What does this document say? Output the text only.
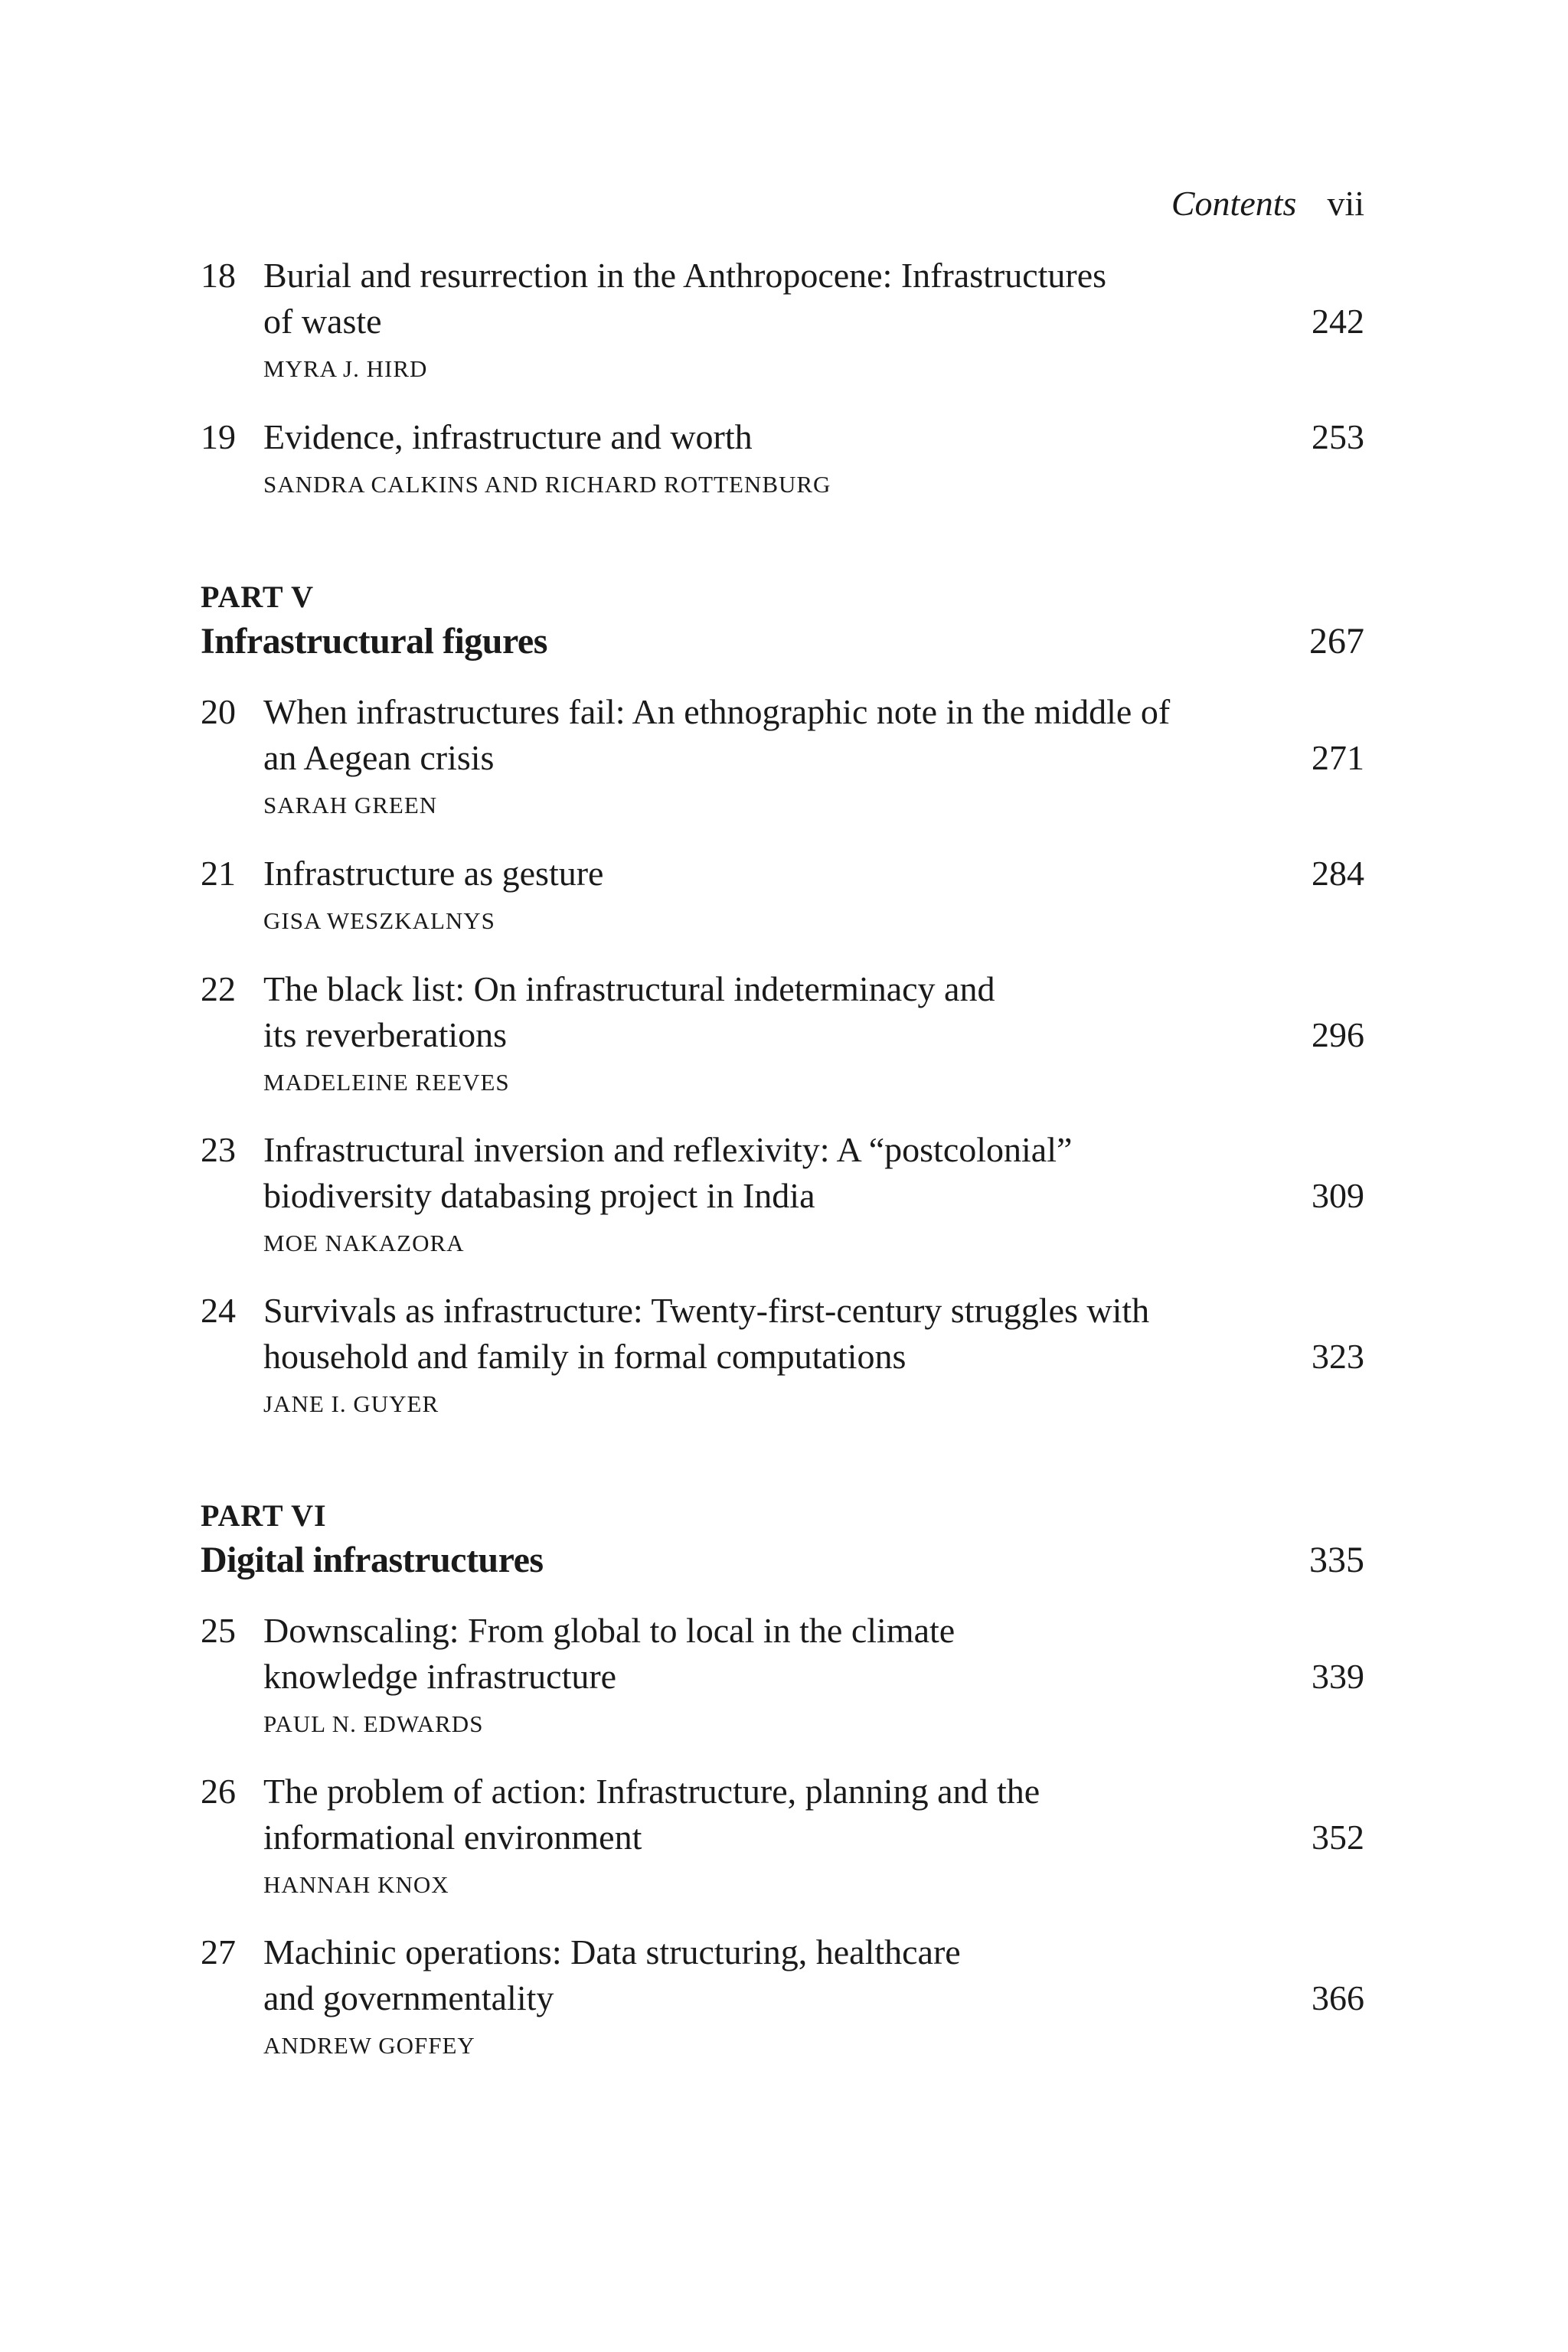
Contents vii
18 Burial and resurrection in the Anthropocene: Infrastructures
of waste	242
MYRA J. HIRD
19 Evidence, infrastructure and worth	253
SANDRA CALKINS AND RICHARD ROTTENBURG
PART V
Infrastructural figures	267
20 When infrastructures fail: An ethnographic note in the middle of
an Aegean crisis	271
SARAH GREEN
21 Infrastructure as gesture	284
GISA WESZKALNYS
22 The black list: On infrastructural indeterminacy and
its reverberations	296
MADELEINE REEVES
23 Infrastructural inversion and reflexivity: A “postcolonial”
biodiversity databasing project in India	309
MOE NAKAZORA
24 Survivals as infrastructure: Twenty-first-century struggles with
household and family in formal computations	323
JANE I. GUYER
PART VI
Digital infrastructures	335
25 Downscaling: From global to local in the climate
knowledge infrastructure	339
PAUL N. EDWARDS
26 The problem of action: Infrastructure, planning and the
informational environment	352
HANNAH KNOX
27 Machinic operations: Data structuring, healthcare
and governmentality	366
ANDREW GOFFEY
